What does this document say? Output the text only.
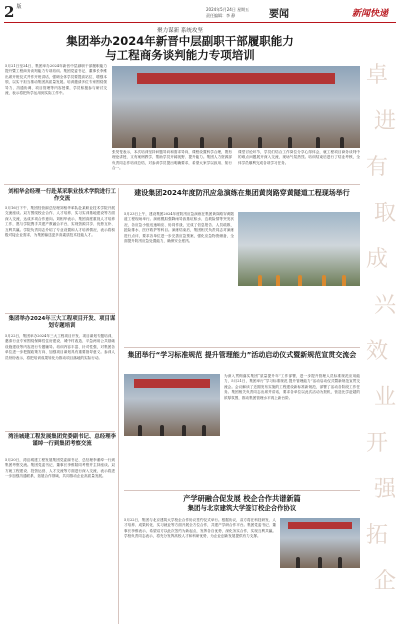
2 $^版$	2024年5月24日 星期五
责任编辑：李 静	要闻	新闻快递
聚力谋新 系统攻坚
集团举办2024年新晋中层副职干部履职能力
与工程商务谈判能力专项培训
5月21日至24日，集团举办2024年新晋中层副职干部履职能力提升暨工程商务谈判能力专项培训。集团党委书记、董事长李维出席开班仪式并作开班讲话，强调全体学员要提高站位、增强本领，以实干担当推动集团高质量发展。培训邀请多位专家围绕领导力、沟通协调、项目管理等内容授课，学员积极参与研讨交流，表示将把所学运用到实际工作中。
张昊旻表示，本次培训坚持问题导向和需求导向，课程设置科学合理，既有理论讲授，又有案例教学，帮助学员开阔视野、提升能力。集团人力资源部负责同志作培训总结，对参训学员提出明确要求，希望大家学以致用、知行合一。
课堂讨论环节，学员们结合工作岗位分享心得体会，就工程项目商务谈判中的难点问题展开深入交流，现场气氛热烈。培训结束后进行了结业考核，全体学员顺利完成各项学习任务。
刘相华会经理一行赴某采职业技术学院进行工作交流
5月16日下午，集团经营副总经理刘相华率队赴某职业技术学院开展交流座谈。双方围绕校企合作、人才培养、实习实训基地建设等方面深入交流，达成多项合作意向。刘相华表示，集团高度重视人才培养工作，愿与学院携手共建产教融合平台，实现资源共享、优势互补、互利共赢。学院负责同志介绍了专业设置和人才培养情况，表示将积极对接企业需求，为集团输送更多高素质技术技能人才。
集团举办2024年三大工程项目开发、项目谋划专题培训
5月22日，集团举办2024年三大工程项目开发、项目谋划专题培训，邀请行业专家围绕保障性住房建设、城中村改造、平急两用公共基础设施建设等内容进行专题辅导。培训内容丰富、针对性强，对集团各单位进一步把握政策方向、加强项目谋划具有重要指导意义。参训人员纷纷表示，将把培训成果转化为推动项目落地的实际行动。
湾洼城建工程发展集团党委副书记、总经理李谨绰一行到集团考察交流
5月20日，湾洼城建工程发展集团党委副书记、总经理李谨绰一行到集团考察交流。集团党委书记、董事长李维陪同考察并主持座谈。双方就工程建设、投资运营、人才交流等方面进行深入交流，表示将进一步加强沟通联系，拓展合作领域，共同推动企业高质量发展。
建设集团2024年度防汛应急演练在集团黄岗路穿黄隧道工程现场举行
5月23日上午，建设集团2024年度防汛应急演练在集团黄岗路穿黄隧道工程现场举行。演练模拟强降雨导致基坑积水、边坡险情等突发状况，各应急小组迅速响应、协同作战，完成了信息报告、人员疏散、抢险排水、医疗救护等科目。演练结束后，集团相关负责同志对演练进行点评，要求各单位进一步完善应急预案，强化应急物资储备，全面提升防汛应急处置能力，确保安全度汛。
集团举行“学习标准规范 提升管理能力”活动启动仪式暨新规范宣贯交流会
为深入贯彻落实集团“质量提升年”工作部署，进一步提升管理人员标准规范应用能力，5月21日，集团举行“学习标准规范 提升管理能力”活动启动仪式暨新规范宣贯交流会。会议解读了近期发布实施的工程建设新标准新规范，部署了活动各阶段工作任务。集团相关负责同志出席并讲话，要求各单位以此次活动为契机，营造比学赶超的浓厚氛围，推动集团管理水平再上新台阶。
产学研融合促发展 校企合作共谱新篇
集团与北京建筑大学签订校企合作协议
5月22日，集团与北京建筑大学校企合作协议签约仪式举行。根据协议，双方将在科技研发、人才培养、成果转化、实习就业等方面开展全方位合作，共建产学研合作平台。集团党委书记、董事长李维表示，希望双方以此次签约为新起点，发挥各自优势，深化务实合作，实现互利共赢。学校负责同志表示，将充分发挥高校人才和科研优势，为企业创新发展提供有力支撑。
卓
有
成
效
开
拓
进
取
兴
业
强
企
